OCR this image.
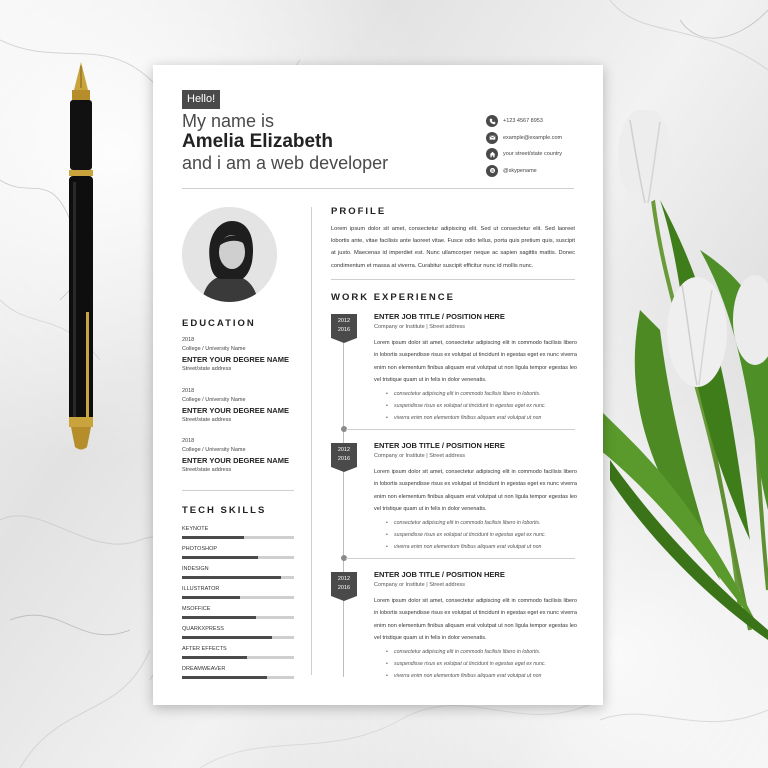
Hello!
My name is
Amelia Elizabeth
and i am a web developer
+123 4567 8953
example@example.com
your street/state country
S @skypename
EDUCATION
2018
College / University Name
ENTER YOUR DEGREE NAME
Street/state address
2018
College / University Name
ENTER YOUR DEGREE NAME
Street/state address
2018
College / University Name
ENTER YOUR DEGREE NAME
Street/state address
TECH SKILLS
KEYNOTE
PHOTOSHOP
INDESIGN
ILLUSTRATOR
MSOFFICE
QUARKXPRESS
AFTER EFFECTS
DREAMWEAVER
PROFILE
Lorem ipsum dolor sit amet, consectetur adipiscing elit. Sed ut consectetur elit. Sed laoreet lobortis ante, vitae facilisis ante laoreet vitae. Fusce odio tellus, porta quis pretium quis, suscipit at justo. Maecenas id imperdiet est. Nunc ullamcorper neque ac sapien sagittis mattis. Donec condimentum et massa at viverra. Curabitur suscipit efficitur nunc id mollis nunc.
WORK EXPERIENCE
2012
2016
ENTER JOB TITLE / POSITION HERE
Company or Institute | Street address
Lorem ipsum dolor sit amet, consectetur adipiscing elit in commodo facilisis libero in lobortis suspendisse risus ex volutpat ut tincidunt in egestas eget ex nunc viverra enim non elementum finibus aliquam erat volutpat ut non ligula tempor egestas leo vel tristique quam ut in felis in dolor venenatis.
• consectetur adipiscing elit in commodo facilisis libero in lobortis.
• suspendisse risus ex volutpat ut tincidunt in egestas eget ex nunc.
• viverra enim non elementum finibus aliquam erat volutpat ut non
2012
2016
ENTER JOB TITLE / POSITION HERE
Company or Institute | Street address
Lorem ipsum dolor sit amet, consectetur adipiscing elit in commodo facilisis libero in lobortis suspendisse risus ex volutpat ut tincidunt in egestas eget ex nunc viverra enim non elementum finibus aliquam erat volutpat ut non ligula tempor egestas leo vel tristique quam ut in felis in dolor venenatis.
• consectetur adipiscing elit in commodo facilisis libero in lobortis.
• suspendisse risus ex volutpat ut tincidunt in egestas eget ex nunc.
• viverra enim non elementum finibus aliquam erat volutpat ut non
2012
2016
ENTER JOB TITLE / POSITION HERE
Company or Institute | Street address
Lorem ipsum dolor sit amet, consectetur adipiscing elit in commodo facilisis libero in lobortis suspendisse risus ex volutpat ut tincidunt in egestas eget ex nunc viverra enim non elementum finibus aliquam erat volutpat ut non ligula tempor egestas leo vel tristique quam ut in felis in dolor venenatis.
• consectetur adipiscing elit in commodo facilisis libero in lobortis.
• suspendisse risus ex volutpat ut tincidunt in egestas eget ex nunc.
• viverra enim non elementum finibus aliquam erat volutpat ut non
